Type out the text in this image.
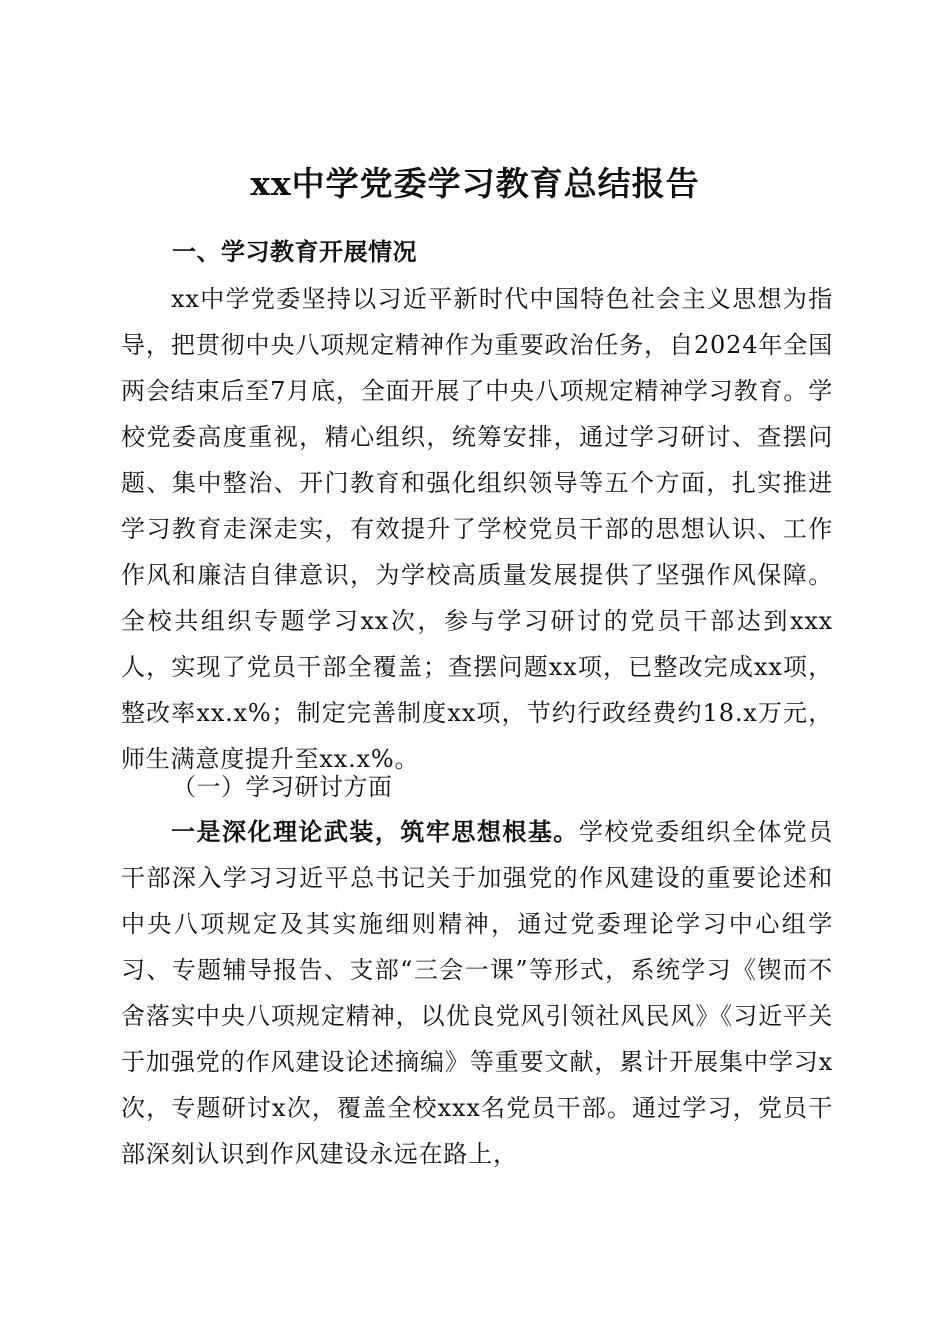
xx中学党委学习教育总结报告
一、学习教育开展情况

xx中学党委坚持以习近平新时代中国特色社会主义思想为指导，把贯彻中央八项规定精神作为重要政治任务，自2024年全国两会结束后至7月底，全面开展了中央八项规定精神学习教育。学校党委高度重视，精心组织，统筹安排，通过学习研讨、查摆问题、集中整治、开门教育和强化组织领导等五个方面，扎实推进学习教育走深走实，有效提升了学校党员干部的思想认识、工作作风和廉洁自律意识，为学校高质量发展提供了坚强作风保障。全校共组织专题学习xx次，参与学习研讨的党员干部达到xxx人，实现了党员干部全覆盖；查摆问题xx项，已整改完成xx项，整改率xx.x%；制定完善制度xx项，节约行政经费约18.x万元，师生满意度提升至xx.x%。

（一）学习研讨方面

一是深化理论武装，筑牢思想根基。学校党委组织全体党员干部深入学习习近平总书记关于加强党的作风建设的重要论述和中央八项规定及其实施细则精神，通过党委理论学习中心组学习、专题辅导报告、支部“三会一课”等形式，系统学习《锲而不舍落实中央八项规定精神，以优良党风引领社风民风》《习近平关于加强党的作风建设论述摘编》等重要文献，累计开展集中学习x次，专题研讨x次，覆盖全校xxx名党员干部。通过学习，党员干部深刻认识到作风建设永远在路上，
